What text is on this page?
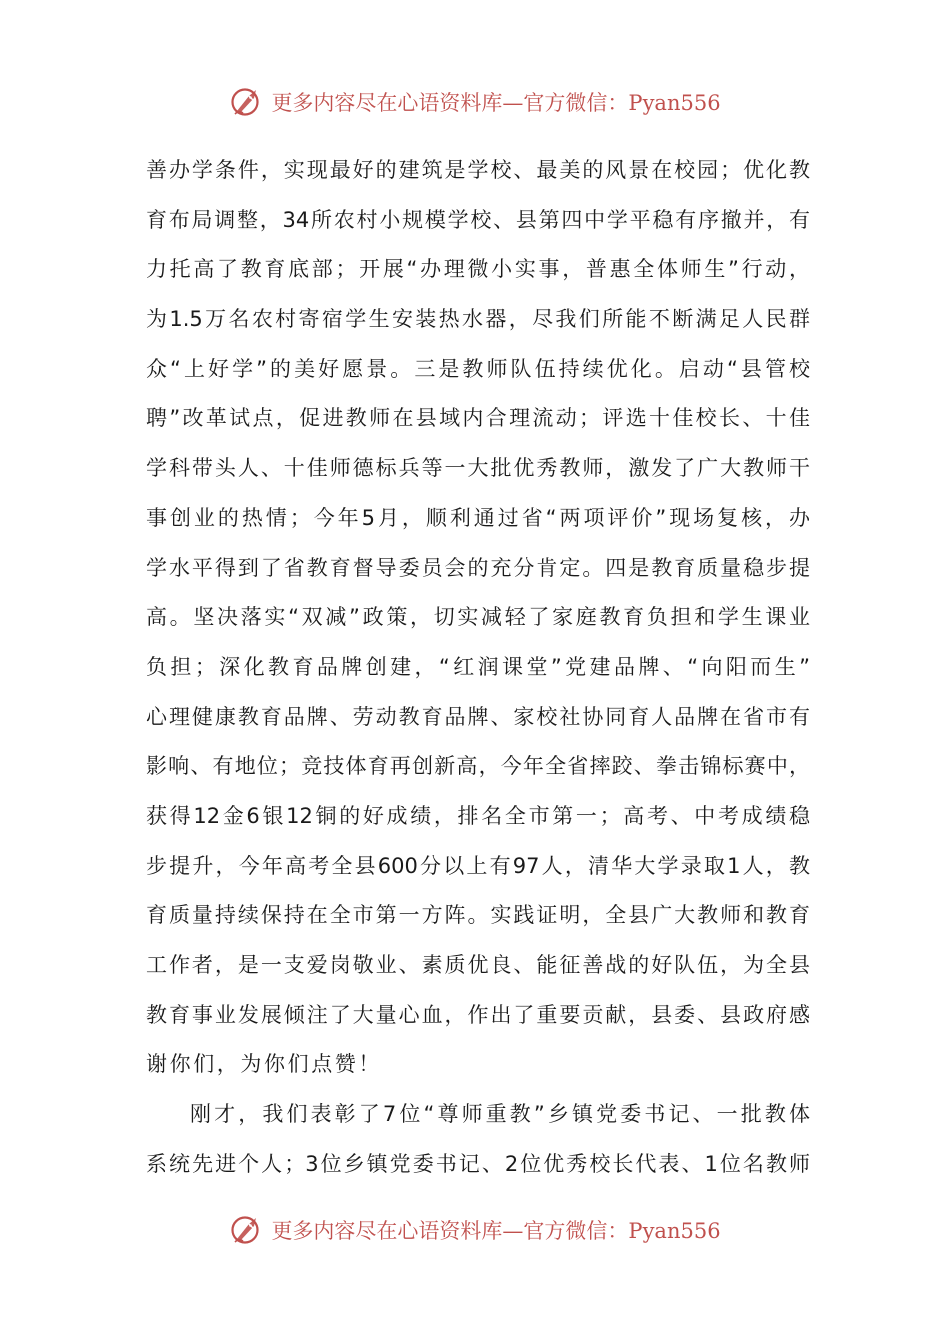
更多内容尽在心语资料库—官方微信：Pyan556
善办学条件，实现最好的建筑是学校、最美的风景在校园；优化教
育布局调整，34所农村小规模学校、县第四中学平稳有序撤并，有
力托高了教育底部；开展“办理微小实事，普惠全体师生”行动，
为1.5万名农村寄宿学生安装热水器，尽我们所能不断满足人民群
众“上好学”的美好愿景。三是教师队伍持续优化。启动“县管校
聘”改革试点，促进教师在县域内合理流动；评选十佳校长、十佳
学科带头人、十佳师德标兵等一大批优秀教师，激发了广大教师干
事创业的热情；今年5月，顺利通过省“两项评价”现场复核，办
学水平得到了省教育督导委员会的充分肯定。四是教育质量稳步提
高。坚决落实“双减”政策，切实减轻了家庭教育负担和学生课业
负担；深化教育品牌创建，“红润课堂”党建品牌、“向阳而生”
心理健康教育品牌、劳动教育品牌、家校社协同育人品牌在省市有
影响、有地位；竞技体育再创新高，今年全省摔跤、拳击锦标赛中，
获得12金6银12铜的好成绩，排名全市第一；高考、中考成绩稳
步提升，今年高考全县600分以上有97人，清华大学录取1人，教
育质量持续保持在全市第一方阵。实践证明，全县广大教师和教育
工作者，是一支爱岗敬业、素质优良、能征善战的好队伍，为全县
教育事业发展倾注了大量心血，作出了重要贡献，县委、县政府感
谢你们，为你们点赞！
刚才，我们表彰了7位“尊师重教”乡镇党委书记、一批教体
系统先进个人；3位乡镇党委书记、2位优秀校长代表、1位名教师
更多内容尽在心语资料库—官方微信：Pyan556
